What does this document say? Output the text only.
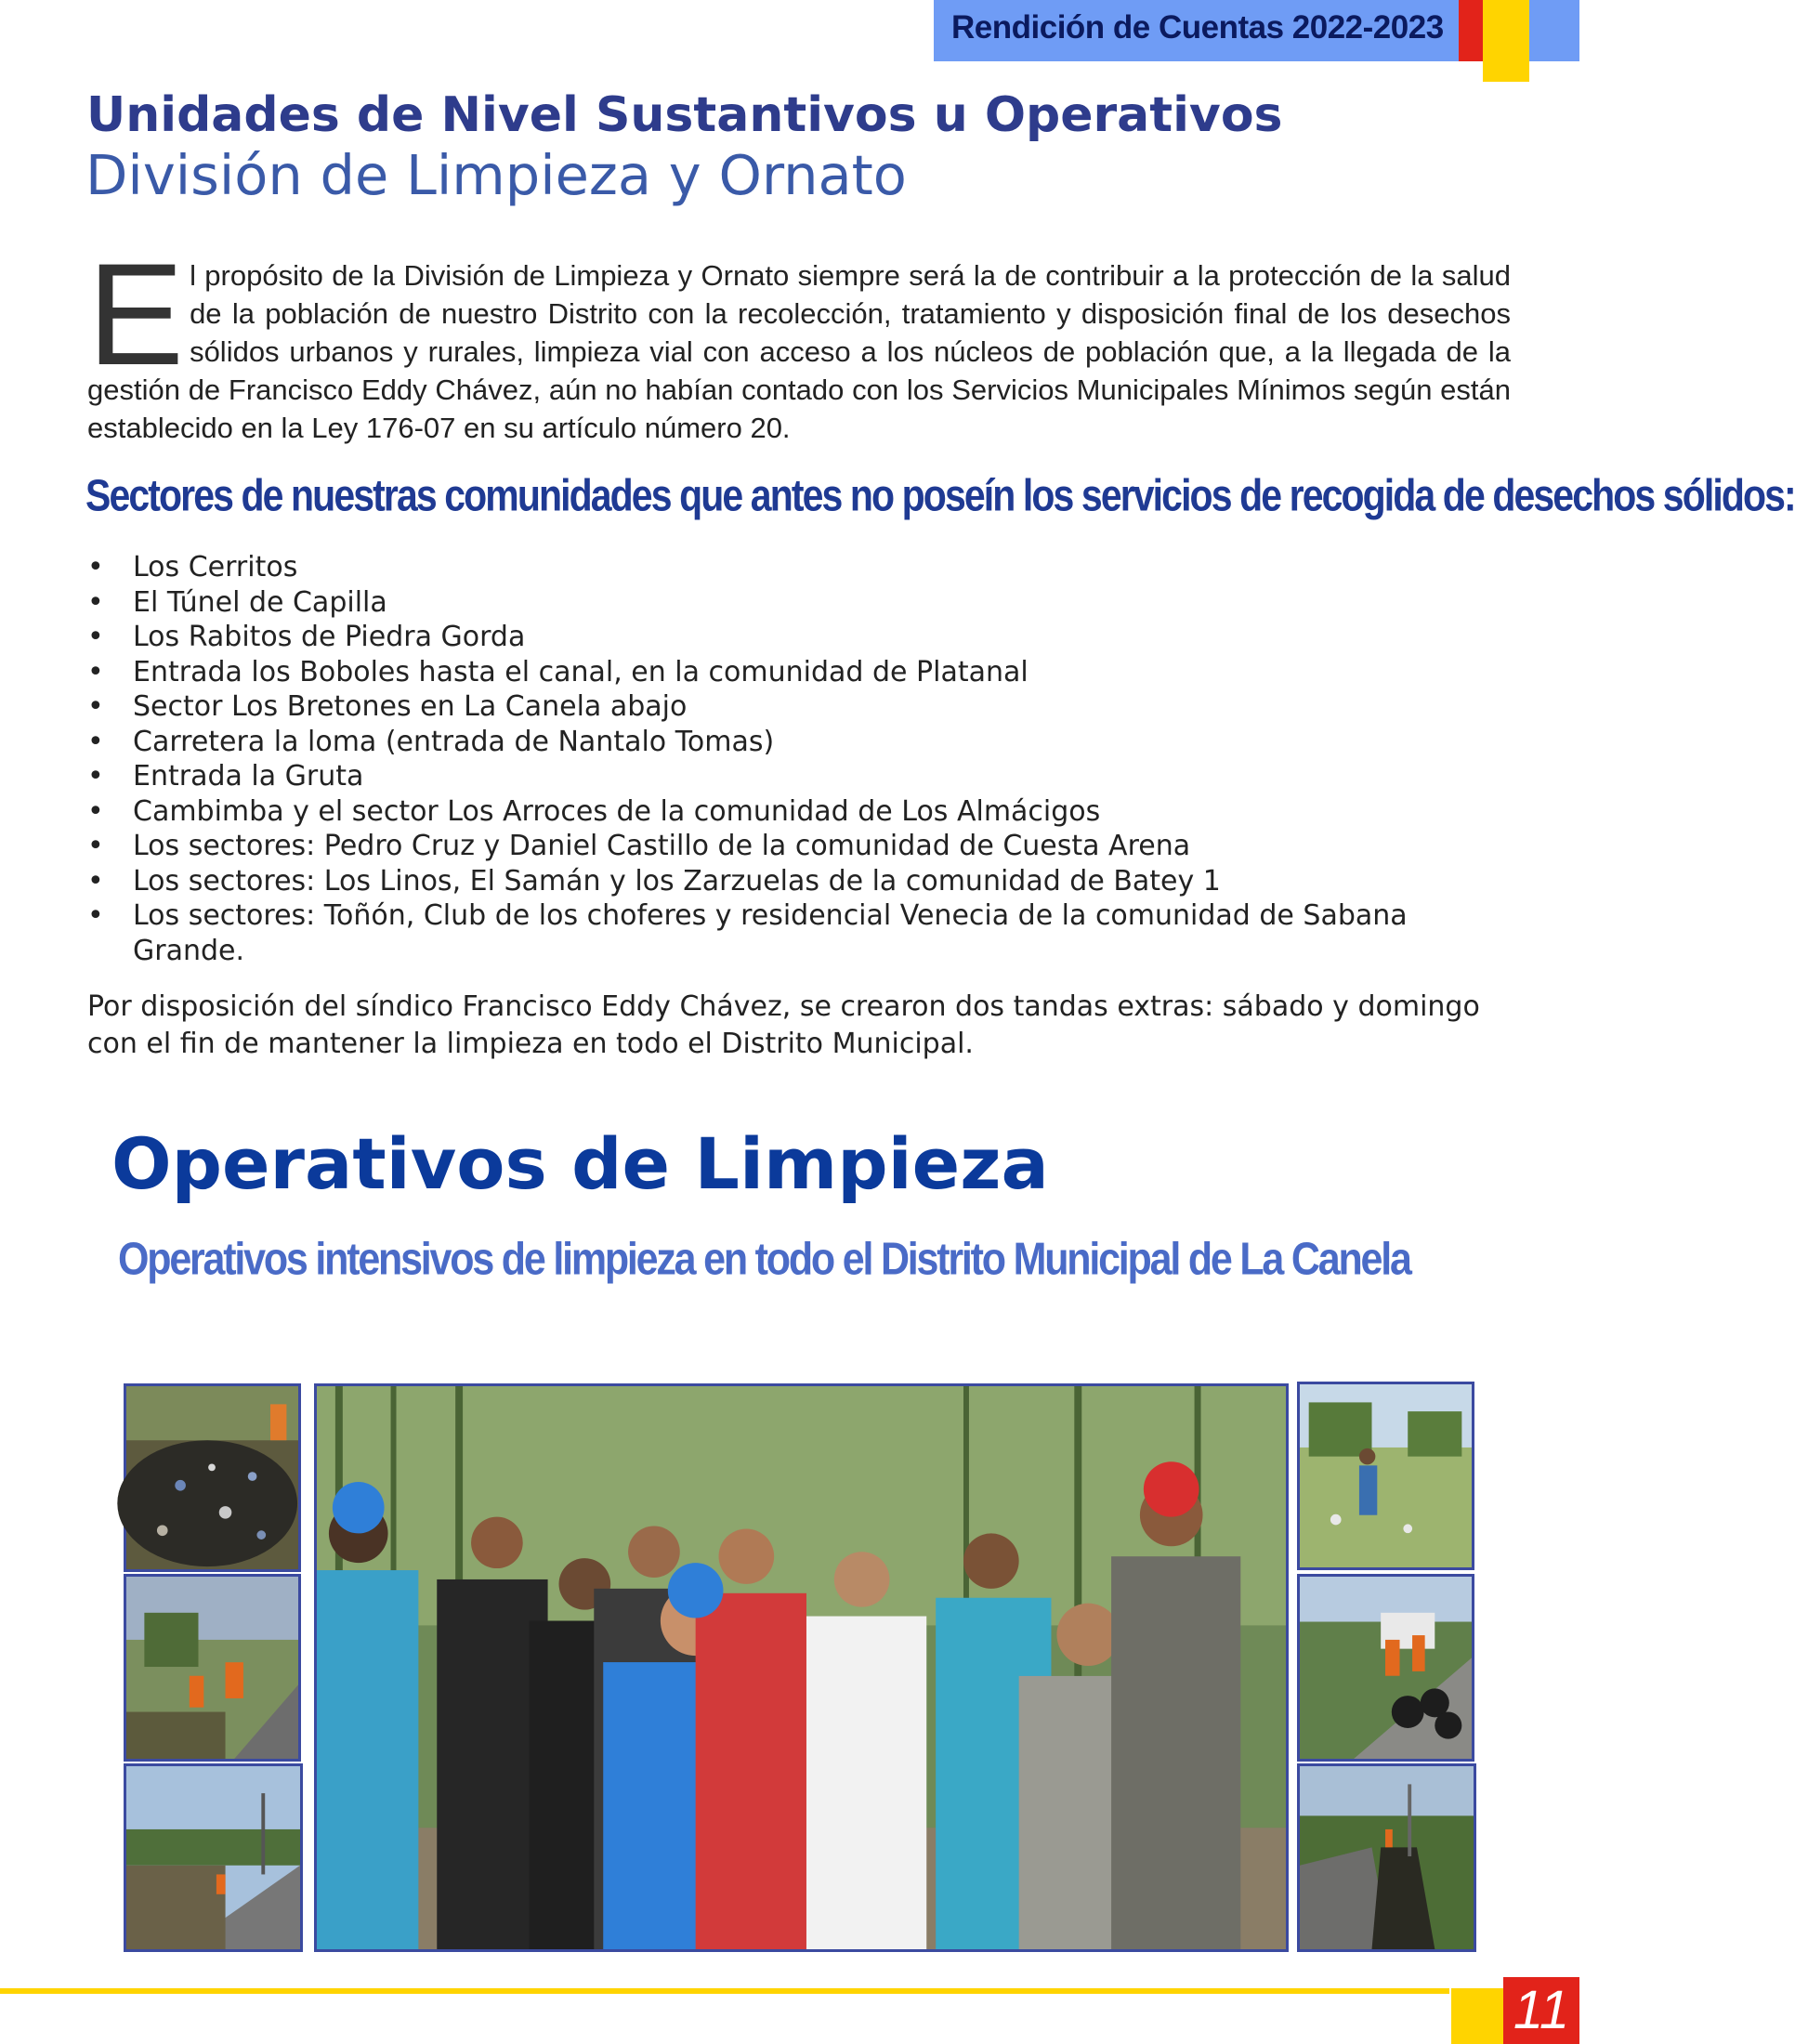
Rendición de Cuentas 2022-2023
Unidades de Nivel Sustantivos u Operativos
División de Limpieza y Ornato
El propósito de la División de Limpieza y Ornato siempre será la de contribuir a la protección de la salud de la población de nuestro Distrito con la recolección, tratamiento y disposición final de los desechos sólidos urbanos y rurales, limpieza vial con acceso a los núcleos de población que, a la llegada de la gestión de Francisco Eddy Chávez, aún no habían contado con los Servicios Municipales Mínimos según están establecido en la Ley 176-07 en su artículo número 20.
Sectores de nuestras comunidades que antes no poseín los servicios de recogida de desechos sólidos:
• Los Cerritos
• El Túnel de Capilla
• Los Rabitos de Piedra Gorda
• Entrada los Boboles hasta el canal, en la comunidad de Platanal
• Sector Los Bretones en La Canela abajo
• Carretera la loma (entrada de Nantalo Tomas)
• Entrada la Gruta
• Cambimba y el sector Los Arroces de la comunidad de Los Almácigos
• Los sectores: Pedro Cruz y Daniel Castillo de la comunidad de Cuesta Arena
• Los sectores: Los Linos, El Samán y los Zarzuelas de la comunidad de Batey 1
• Los sectores: Toñón, Club de los choferes y residencial Venecia de la comunidad de Sabana Grande.
Por disposición del síndico Francisco Eddy Chávez, se crearon dos tandas extras: sábado y domingo con el fin de mantener la limpieza en todo el Distrito Municipal.
Operativos de Limpieza
Operativos intensivos de limpieza en todo el Distrito Municipal de La Canela
11
